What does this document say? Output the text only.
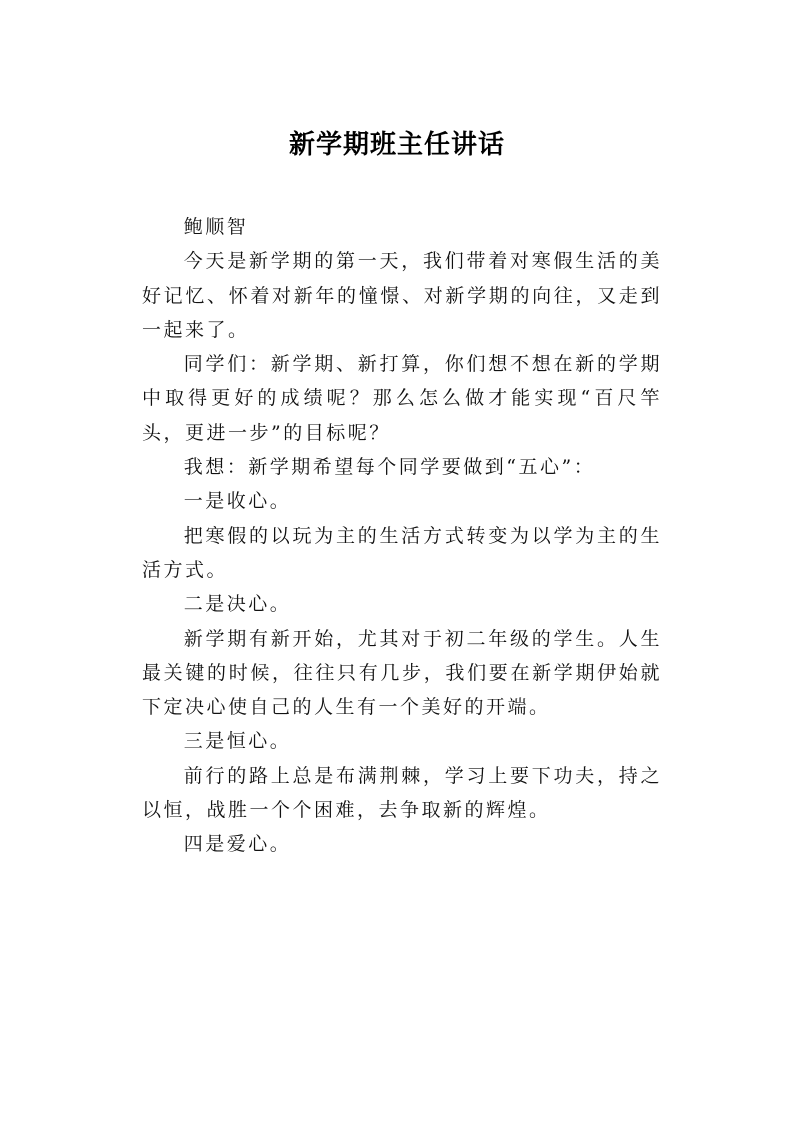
新学期班主任讲话

鲍顺智

今天是新学期的第一天，我们带着对寒假生活的美好记忆、怀着对新年的憧憬、对新学期的向往，又走到一起来了。

同学们：新学期、新打算，你们想不想在新的学期中取得更好的成绩呢？那么怎么做才能实现“百尺竿头，更进一步”的目标呢？

我想：新学期希望每个同学要做到“五心”：

一是收心。

把寒假的以玩为主的生活方式转变为以学为主的生活方式。

二是决心。

新学期有新开始，尤其对于初二年级的学生。人生最关键的时候，往往只有几步，我们要在新学期伊始就下定决心使自己的人生有一个美好的开端。

三是恒心。

前行的路上总是布满荆棘，学习上要下功夫，持之以恒，战胜一个个困难，去争取新的辉煌。

四是爱心。
